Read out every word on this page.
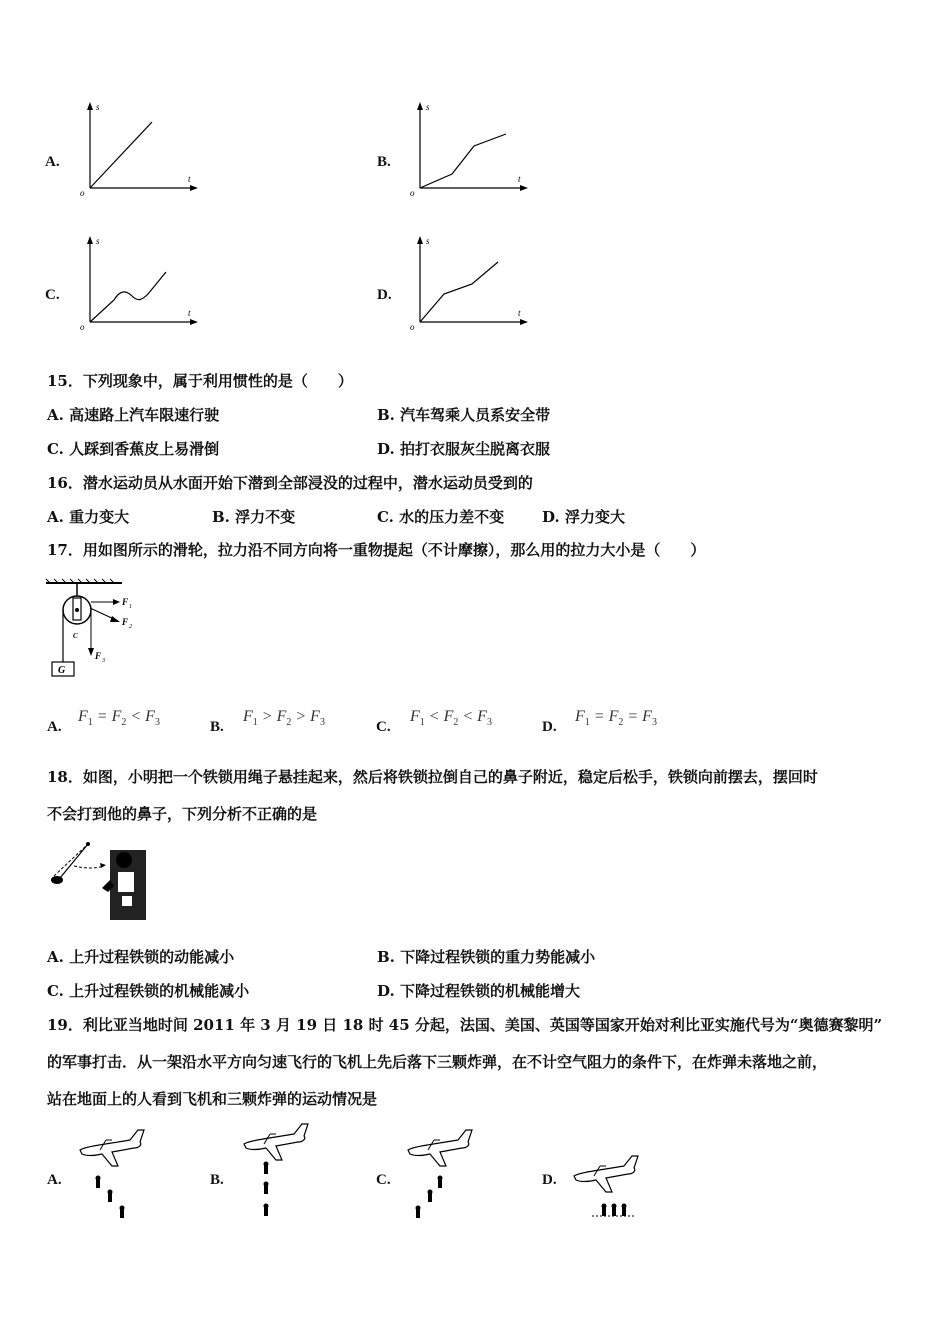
A.
s
t
o
B.
s
t
o
C.
s
t
o
D.
s
t
o
15．下列现象中，属于利用惯性的是（　　）
A. 高速路上汽车限速行驶	B. 汽车驾乘人员系安全带
C. 人踩到香蕉皮上易滑倒	D. 拍打衣服灰尘脱离衣服
16．潜水运动员从水面开始下潜到全部浸没的过程中，潜水运动员受到的
A. 重力变大	B. 浮力不变	C. 水的压力差不变	D. 浮力变大
17．用如图所示的滑轮，拉力沿不同方向将一重物提起（不计摩擦），那么用的拉力大小是（　　）
G
F 1
F 2
F 3
C
A.
$F_1 = F_2 < F_3$	B.
$F_1 > F_2 > F_3$	C.
$F_1 < F_2 < F_3$	D.
$F_1 = F_2 = F_3$
18．如图，小明把一个铁锁用绳子悬挂起来，然后将铁锁拉倒自己的鼻子附近，稳定后松手，铁锁向前摆去，摆回时
不会打到他的鼻子，下列分析不正确的是
A. 上升过程铁锁的动能减小	B. 下降过程铁锁的重力势能减小
C. 上升过程铁锁的机械能减小	D. 下降过程铁锁的机械能增大
19．利比亚当地时间 2011 年 3 月 19 日 18 时 45 分起，法国、美国、英国等国家开始对利比亚实施代号为“奥德赛黎明”
的军事打击．从一架沿水平方向匀速飞行的飞机上先后落下三颗炸弹，在不计空气阻力的条件下，在炸弹未落地之前，
站在地面上的人看到飞机和三颗炸弹的运动情况是
A.	B.	C.	D.
